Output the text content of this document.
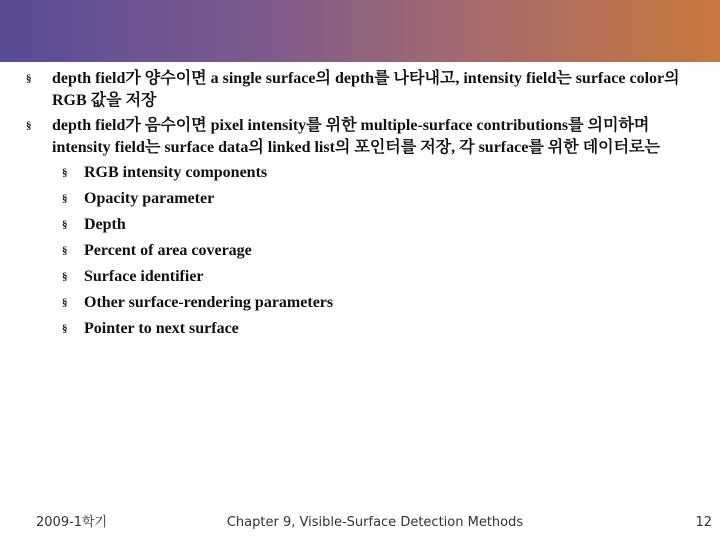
§ depth field가 양수이면 a single surface의 depth를 나타내고, intensity field는 surface color의 RGB 값을 저장
§ depth field가 음수이면 pixel intensity를 위한 multiple-surface contributions를 의미하며 intensity field는 surface data의 linked list의 포인터를 저장, 각 surface를 위한 데이터로는
§ RGB intensity components
§ Opacity parameter
§ Depth
§ Percent of area coverage
§ Surface identifier
§ Other surface-rendering parameters
§ Pointer to next surface
2009-1학기	Chapter 9, Visible-Surface Detection Methods	12
